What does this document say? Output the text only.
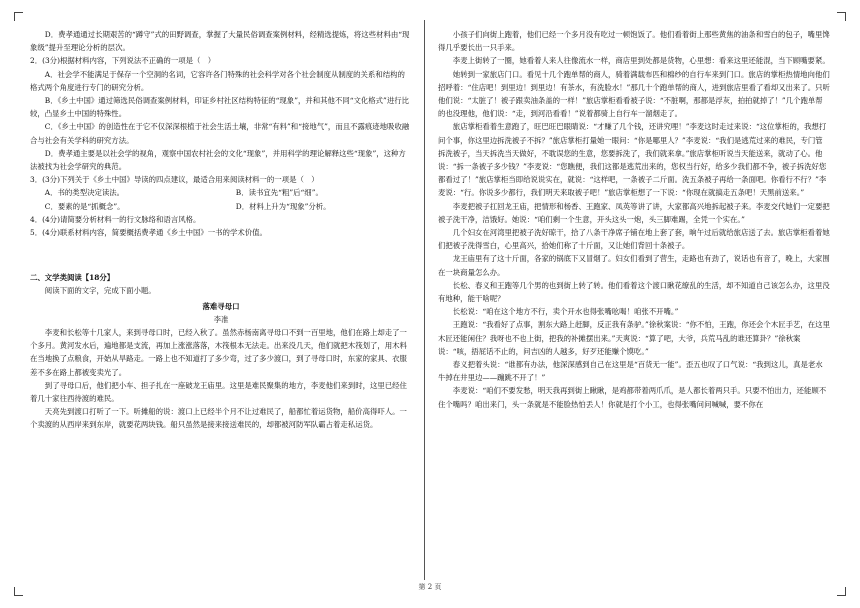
D．费孝通通过长期艰苦的“蹲守”式的田野调查，掌握了大量民俗调查案例材料，经精选提炼，将这些材料由“现象级”提升至理论分析的层次。

2．(3分)根据材料内容，下列说法不正确的一项是（　）

A．社会学不能满足于保存一个空洞的名词，它容许各门特殊的社会科学对各个社会制度从制度的关系和结构的格式两个角度进行专门的研究分析。

B．《乡土中国》通过筛选民俗调查案例材料，印证乡村社区结构特征的“现象”，并和其他不同“文化格式”进行比较，凸显乡土中国的特殊性。

C．《乡土中国》的创造性在于它不仅深深根植于社会生活土壤，非常“有料”和“接地气”，而且不露痕迹地吸收融合与社会有关学科的研究方法。

D．费孝通主要是以社会学的视角，观察中国农村社会的文化“现象”，并用科学的理论解释这些“现象”，这种方法被找为社会学研究的典范。

3．(3分)下列关于《乡土中国》导读的四点建议，最适合用来阅读材料一的一项是（　）

A．书的类型决定读法。	B．读书宜先“粗”后“细”。
C．要素的是“抓概念”。	D．材料上升为“现象”分析。

4．(4分)请简要分析材料一的行文脉络和语言风格。

5．(4分)联系材料内容，简要概括费孝通《乡土中国》一书的学术价值。

二、文学类阅读【18分】

阅读下面的文字，完成下面小题。

落难寻母口

李准

李麦和长松等十几家人，来到寻母口时，已经入秋了。虽然赤杨南离寻母口不到一百里地，他们在路上却走了一个多月。黄河发水后，遍地都是支流，再加上涨涨落落，木筏根本无法走。出来没几天，他们就把木筏划了，用木料在当地换了点粮食，开始从旱路走。一路上也不知道打了多少弯，过了多少渡口，到了寻母口时，东家的家具、衣服差不多在路上都被变卖光了。

到了寻母口后，他们把小车、担子扎在一座破龙王庙里。这里是难民聚集的地方，李麦他们来到时，这里已经住着几十家往西待渡的难民。

天亮先到渡口打听了一下。听摊船的说：渡口上已经半个月不让过难民了，船都忙着运货物，船价高得吓人。一个卖渡的从西岸来到东岸，就要花两块钱。船只虽然是接来接送难民的，却都被河防军队霸占着走私运货。

小孩子们向街上跑着，他们已经一个多月没有吃过一顿饱饭了。他们看着街上那些黄焦的油条和雪白的包子，嘴里馋得几乎要长出一只手来。

李麦上街转了一圈，她看着人来人往像流水一样，商店里到处都是货物，心里想：看来这里还能混，当下顾嘴要紧。

她转到一家旅店门口。看见十几个跑单帮的商人，骑着满载布匹和棉纱的自行车来到门口。旅店的掌柜热情地向他们招呼着：“住店吧！到里边！到里边！有茶水，有洗脸水！”那几十个跑单帮的商人，进到旅店里看了看却又出来了。只听他们说：“太脏了！被子跟卖油条盖的一样！”旅店掌柜看看被子说：“不脏啊，那都是浮灰，拍拍就掉了！”几个跑单帮的也没理他，他们说：“走，到河沿看看！”说着都骑上自行车一溜烟走了。

旅店掌柜看着生意跑了，旺巴旺巴眼睛说：“才赚了几个钱，还讲究哩！”李麦这时走过来说：“这位掌柜的，我想打问个事，你这里边拆洗被子不拆？”旅店掌柜打量她一眼问：“你是哪里人？”李麦说：“我们是逃荒过来的难民，专门管拆洗被子，当天拆洗当天做好，不耽误您的生意，您要拆洗了，我们就来拿。”旅店掌柜听说当天能送来，就动了心。他说：“拆一条被子多少钱？”李麦说：“您瞧便，我们这都是逃荒出来的，您权当行好，给多少我们都不争，被子拆洗好您都看过了！”旅店掌柜当即给说说实在，就说：“这样吧，一条被子二斤面。洗五条被子再给一条面吧。你看行不行？”李麦说：“行。你说多少都行，我们明天来取被子吧！”旅店掌柜想了一下说：“你现在就搞走五条吧！天黑前送来。”

李麦把被子扛回龙王庙，把情形和杨香、王跑家、凤英等讲了讲，大家都高兴地拆起被子来。李麦交代她们一定要把被子洗干净，洁饿好。她说：“咱们剩一个生意，开头这头一炮，头三脚难踢，全凭一个实在。”

几个妇女在河湾里把被子洗好晾干，拾了八条干净席子铺在地上套了套，晌午过后就给旅店送了去。旅店掌柜看着她们把被子洗得雪白，心里高兴，拾她们称了十斤面，又让她们背回十条被子。

龙王庙里有了这十斤面，各家的锅底下又冒烟了。妇女们看到了营生，走路也有劲了，说话也有音了，晚上，大家围在一块商量怎么办。

长松、春义和王跑等几个男的也到街上转了转。他们看着这个渡口瞅花缭乱的生活，却不知道自己该怎么办，这里没有地种，能干啥呢？

长松说：“咱在这个地方不行，卖个开水也得张嘴吆喝！咱张不开嘴。”

王跑说：“我看好了点事，割东大路上赶脚，反正我有条驴。”徐秋案说：“你不怕，王跑，你还会个木匠手艺，在这里木匠还能闲住？我呀也不也上街，把我的补摊摆出来。”天爽说：“算了吧，大爷，兵荒马乱的谁还算卦？”徐秋案说：“咳，捂屁话不止的，问吉凶的人越多，好歹还能赚个馍吃。”

春义把着头说：“谁都有办法，他深深感到自己在这里是“百货无一能”。歪五也叹了口气说：“我到这儿，真是老水牛掉在井里边——蹦跳不开了！”

李麦说：“咱们不要发愁，明天我再到街上瞅瞅，是鸡都带着两爪爪，是人都长着两只手。只要不怕出力，还能顾不住个嘴吗？咱出来门，头一条就是不能脸热怕丢人！你就是打个小工，也得张嘴问问喊喊，要不你在

第 2 页
